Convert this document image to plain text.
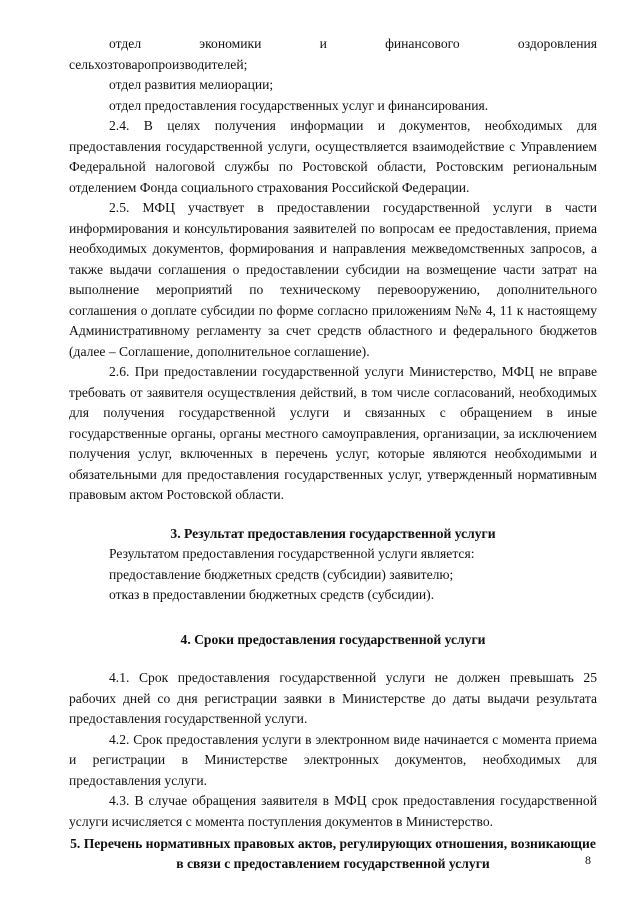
отдел экономики и финансового оздоровления

сельхозтоваропроизводителей;

отдел развития мелиорации;

отдел предоставления государственных услуг и финансирования.

2.4. В целях получения информации и документов, необходимых для предоставления государственной услуги, осуществляется взаимодействие с Управлением Федеральной налоговой службы по Ростовской области, Ростовским региональным отделением Фонда социального страхования Российской Федерации.

2.5. МФЦ участвует в предоставлении государственной услуги в части информирования и консультирования заявителей по вопросам ее предоставления, приема необходимых документов, формирования и направления межведомственных запросов, а также выдачи соглашения о предоставлении субсидии на возмещение части затрат на выполнение мероприятий по техническому перевооружению, дополнительного соглашения о доплате субсидии по форме согласно приложениям №№ 4, 11 к настоящему Административному регламенту за счет средств областного и федерального бюджетов (далее – Соглашение, дополнительное соглашение).

2.6. При предоставлении государственной услуги Министерство, МФЦ не вправе требовать от заявителя осуществления действий, в том числе согласований, необходимых для получения государственной услуги и связанных с обращением в иные государственные органы, органы местного самоуправления, организации, за исключением получения услуг, включенных в перечень услуг, которые являются необходимыми и обязательными для предоставления государственных услуг, утвержденный нормативным правовым актом Ростовской области.

3. Результат предоставления государственной услуги

Результатом предоставления государственной услуги является:

предоставление бюджетных средств (субсидии) заявителю;

отказ в предоставлении бюджетных средств (субсидии).

4. Сроки предоставления государственной услуги

4.1. Срок предоставления государственной услуги не должен превышать 25 рабочих дней со дня регистрации заявки в Министерстве до даты выдачи результата предоставления государственной услуги.

4.2. Срок предоставления услуги в электронном виде начинается с момента приема и регистрации в Министерстве электронных документов, необходимых для предоставления услуги.

4.3. В случае обращения заявителя в МФЦ срок предоставления государственной услуги исчисляется с момента поступления документов в Министерство.

5. Перечень нормативных правовых актов, регулирующих отношения, возникающие в связи с предоставлением государственной услуги	8
